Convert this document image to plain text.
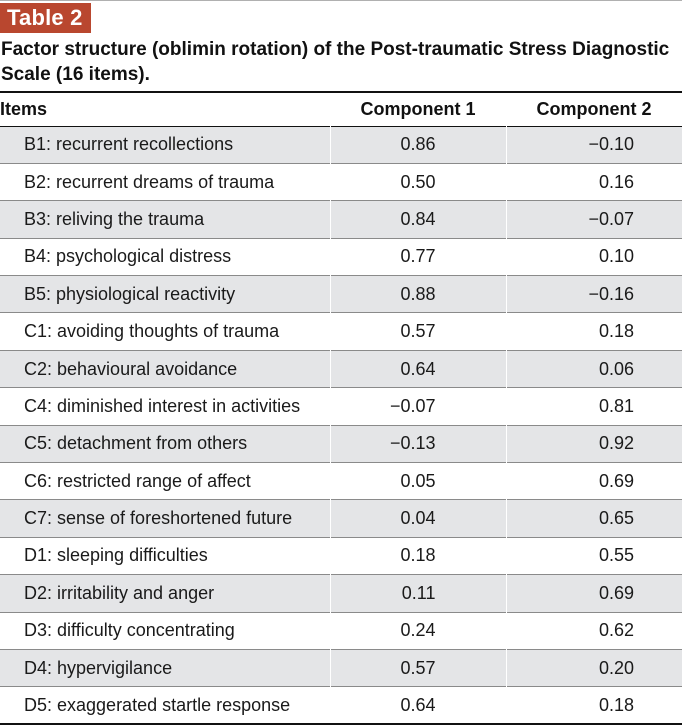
Table 2
Factor structure (oblimin rotation) of the Post-traumatic Stress Diagnostic Scale (16 items).
Items	Component 1	Component 2
B1: recurrent recollections	0.86	−0.10
B2: recurrent dreams of trauma	0.50	0.16
B3: reliving the trauma	0.84	−0.07
B4: psychological distress	0.77	0.10
B5: physiological reactivity	0.88	−0.16
C1: avoiding thoughts of trauma	0.57	0.18
C2: behavioural avoidance	0.64	0.06
C4: diminished interest in activities	−0.07	0.81
C5: detachment from others	−0.13	0.92
C6: restricted range of affect	0.05	0.69
C7: sense of foreshortened future	0.04	0.65
D1: sleeping difficulties	0.18	0.55
D2: irritability and anger	0.11	0.69
D3: difficulty concentrating	0.24	0.62
D4: hypervigilance	0.57	0.20
D5: exaggerated startle response	0.64	0.18
